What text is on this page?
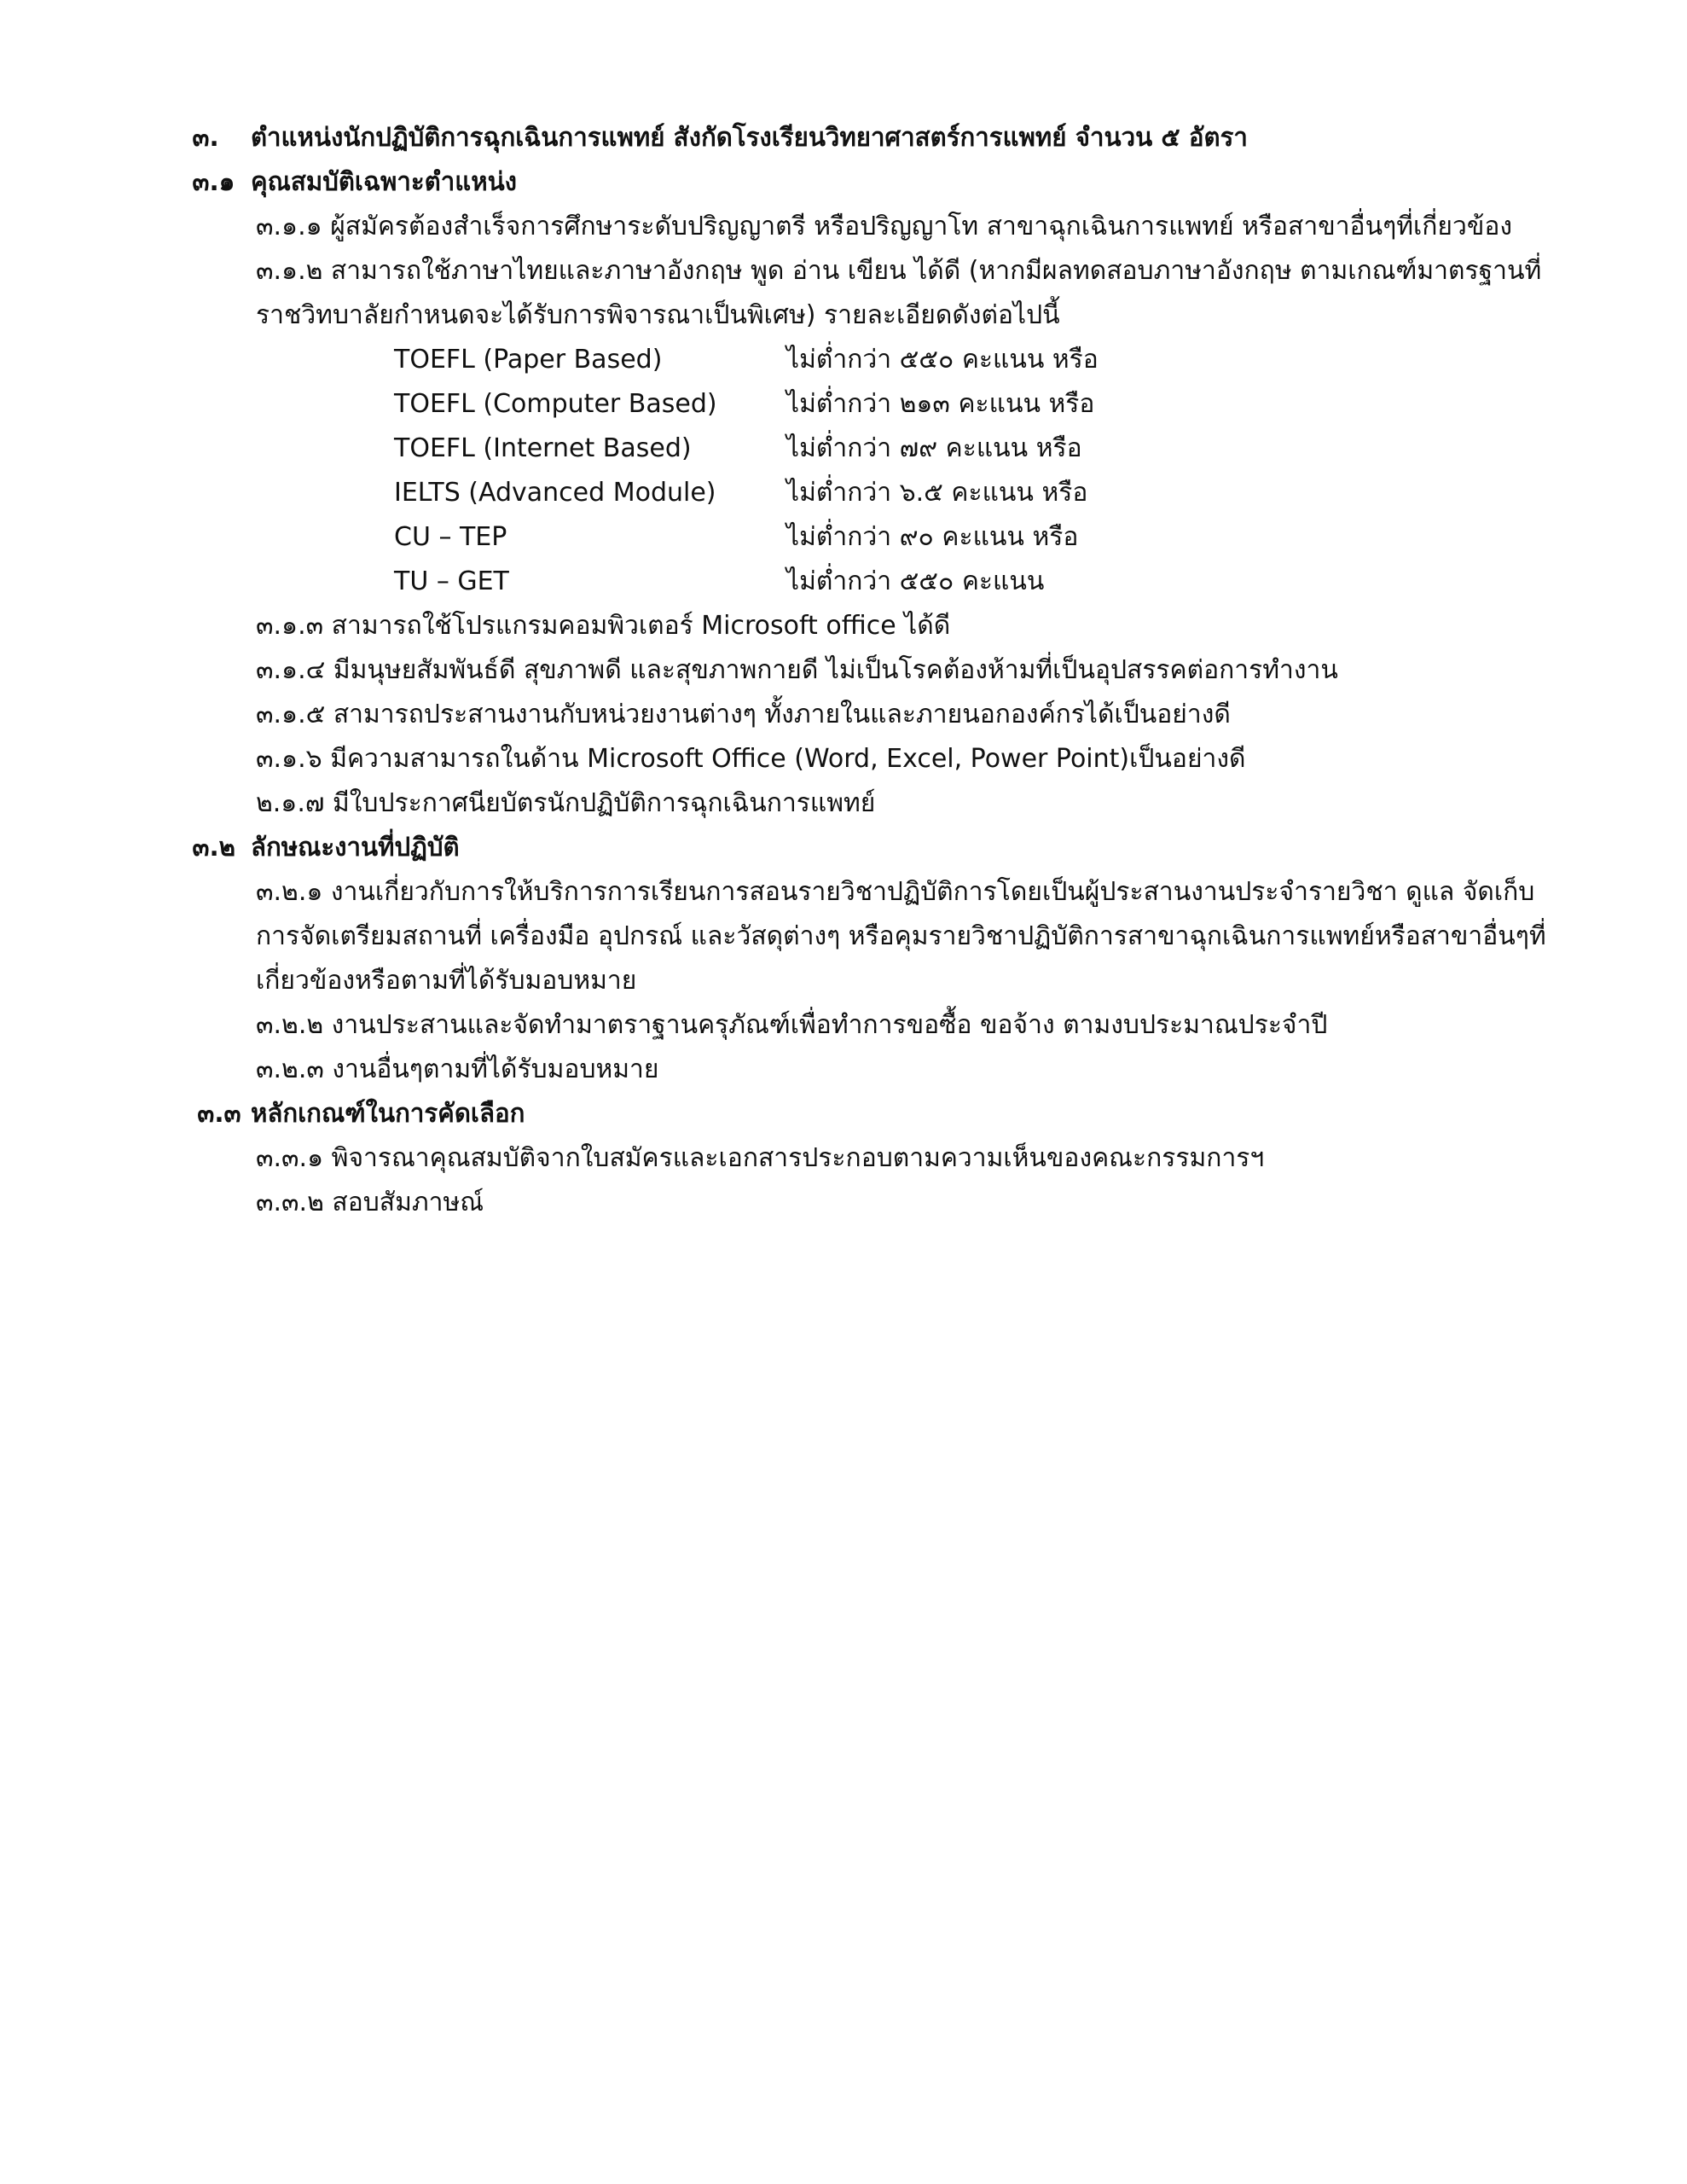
๓. ตำแหน่งนักปฏิบัติการฉุกเฉินการแพทย์ สังกัดโรงเรียนวิทยาศาสตร์การแพทย์ จำนวน ๕ อัตรา
๓.๑ คุณสมบัติเฉพาะตำแหน่ง
๓.๑.๑ ผู้สมัครต้องสำเร็จการศึกษาระดับปริญญาตรี หรือปริญญาโท สาขาฉุกเฉินการแพทย์ หรือสาขาอื่นๆที่เกี่ยวข้อง
๓.๑.๒ สามารถใช้ภาษาไทยและภาษาอังกฤษ พูด อ่าน เขียน ได้ดี (หากมีผลทดสอบภาษาอังกฤษ ตามเกณฑ์มาตรฐานที่
ราชวิทบาลัยกำหนดจะได้รับการพิจารณาเป็นพิเศษ) รายละเอียดดังต่อไปนี้
TOEFL (Paper Based)	ไม่ต่ำกว่า ๕๕๐ คะแนน หรือ
TOEFL (Computer Based)	ไม่ต่ำกว่า ๒๑๓ คะแนน หรือ
TOEFL (Internet Based)	ไม่ต่ำกว่า ๗๙ คะแนน หรือ
IELTS (Advanced Module)	ไม่ต่ำกว่า ๖.๕ คะแนน หรือ
CU – TEP	ไม่ต่ำกว่า ๙๐ คะแนน หรือ
TU – GET	ไม่ต่ำกว่า ๕๕๐ คะแนน
๓.๑.๓ สามารถใช้โปรแกรมคอมพิวเตอร์ Microsoft office ได้ดี
๓.๑.๔ มีมนุษยสัมพันธ์ดี สุขภาพดี และสุขภาพกายดี ไม่เป็นโรคต้องห้ามที่เป็นอุปสรรคต่อการทำงาน
๓.๑.๕ สามารถประสานงานกับหน่วยงานต่างๆ ทั้งภายในและภายนอกองค์กรได้เป็นอย่างดี
๓.๑.๖ มีความสามารถในด้าน Microsoft Office (Word, Excel, Power Point)เป็นอย่างดี
๒.๑.๗ มีใบประกาศนียบัตรนักปฏิบัติการฉุกเฉินการแพทย์
๓.๒ ลักษณะงานที่ปฏิบัติ
๓.๒.๑ งานเกี่ยวกับการให้บริการการเรียนการสอนรายวิชาปฏิบัติการโดยเป็นผู้ประสานงานประจำรายวิชา ดูแล จัดเก็บ
การจัดเตรียมสถานที่ เครื่องมือ อุปกรณ์ และวัสดุต่างๆ หรือคุมรายวิชาปฏิบัติการสาขาฉุกเฉินการแพทย์หรือสาขาอื่นๆที่
เกี่ยวข้องหรือตามที่ได้รับมอบหมาย
๓.๒.๒ งานประสานและจัดทำมาตราฐานครุภัณฑ์เพื่อทำการขอซื้อ ขอจ้าง ตามงบประมาณประจำปี
๓.๒.๓ งานอื่นๆตามที่ได้รับมอบหมาย
๓.๓ หลักเกณฑ์ในการคัดเลือก
๓.๓.๑ พิจารณาคุณสมบัติจากใบสมัครและเอกสารประกอบตามความเห็นของคณะกรรมการฯ
๓.๓.๒ สอบสัมภาษณ์
